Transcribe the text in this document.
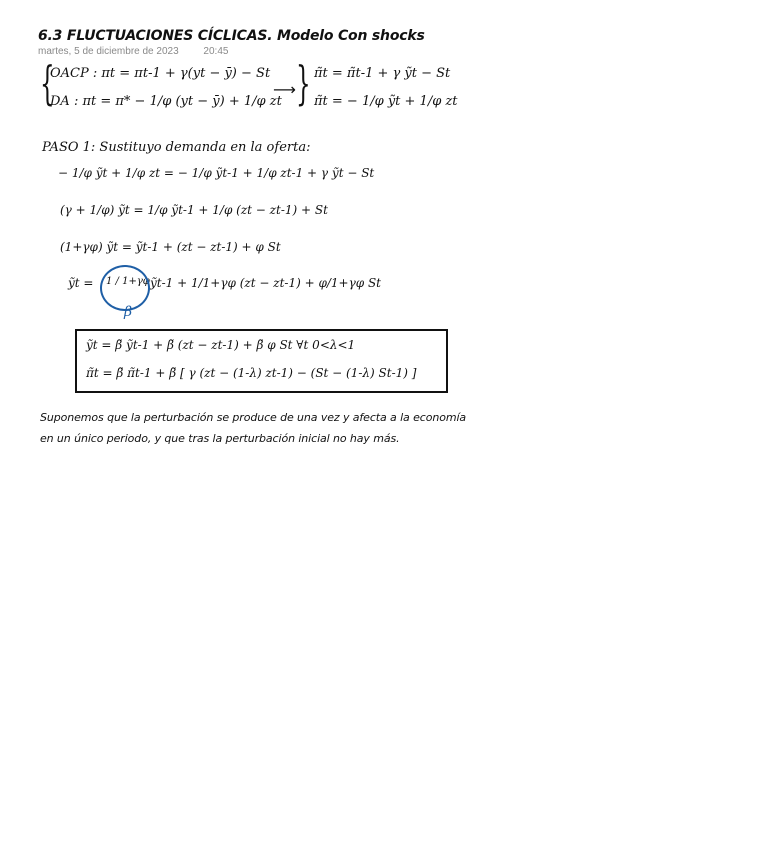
6.3 FLUCTUACIONES CÍCLICAS. Modelo Con shocks
martes, 5 de diciembre de 2023 20:45
{
OACP : πt = πt-1 + γ(yt − ȳ) − St
DA : πt = π* − 1/φ (yt − ȳ) + 1/φ zt
⟶ } π̃t = π̃t-1 + γ ỹt − St
π̃t = − 1/φ ỹt + 1/φ zt
PASO 1: Sustituyo demanda en la oferta:
− 1/φ ỹt + 1/φ zt = − 1/φ ỹt-1 + 1/φ zt-1 + γ ỹt − St
(γ + 1/φ) ỹt = 1/φ ỹt-1 + 1/φ (zt − zt-1) + St
(1+γφ) ỹt = ỹt-1 + (zt − zt-1) + φ St
ỹt = 1 / 1+γφ ỹt-1 + 1/1+γφ (zt − zt-1) + φ/1+γφ St
β
ỹt = β̃ ỹt-1 + β̃ (zt − zt-1) + β̃ φ St ∀t 0<λ<1
π̃t = β̃ π̃t-1 + β̃ [ γ (zt − (1-λ) zt-1) − (St − (1-λ) St-1) ]
Suponemos que la perturbación se produce de una vez y afecta a la economía
en un único periodo, y que tras la perturbación inicial no hay más.
